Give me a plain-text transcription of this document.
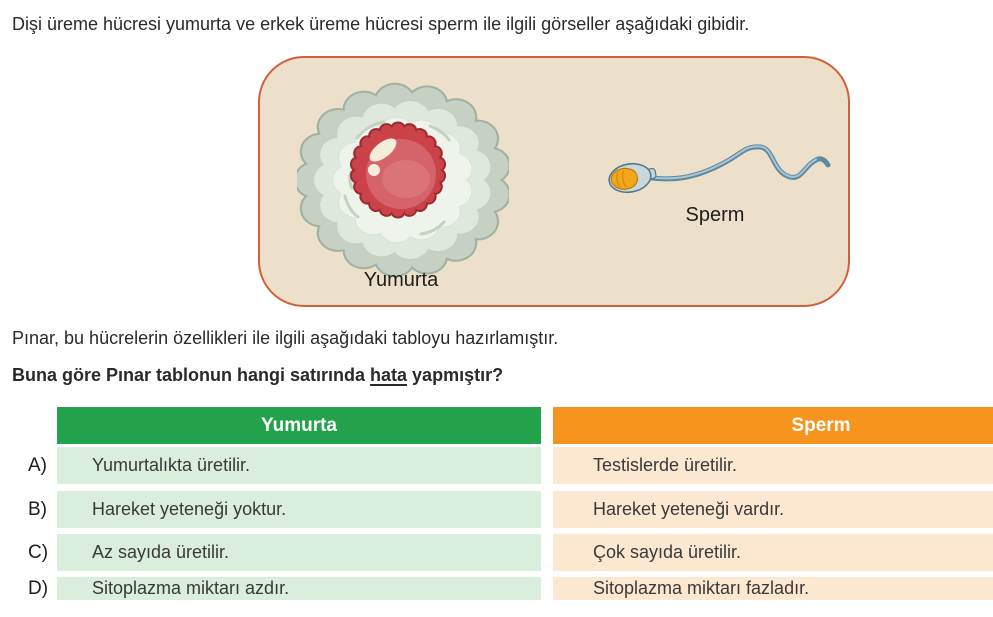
Dişi üreme hücresi yumurta ve erkek üreme hücresi sperm ile ilgili görseller aşağıdaki gibidir.
Yumurta
Sperm
Pınar, bu hücrelerin özellikleri ile ilgili aşağıdaki tabloyu hazırlamıştır.
Buna göre Pınar tablonun hangi satırında hata yapmıştır?
Yumurta	Sperm
A)	Yumurtalıkta üretilir.	Testislerde üretilir.
B)	Hareket yeteneği yoktur.	Hareket yeteneği vardır.
C)	Az sayıda üretilir.	Çok sayıda üretilir.
D)	Sitoplazma miktarı azdır.	Sitoplazma miktarı fazladır.
